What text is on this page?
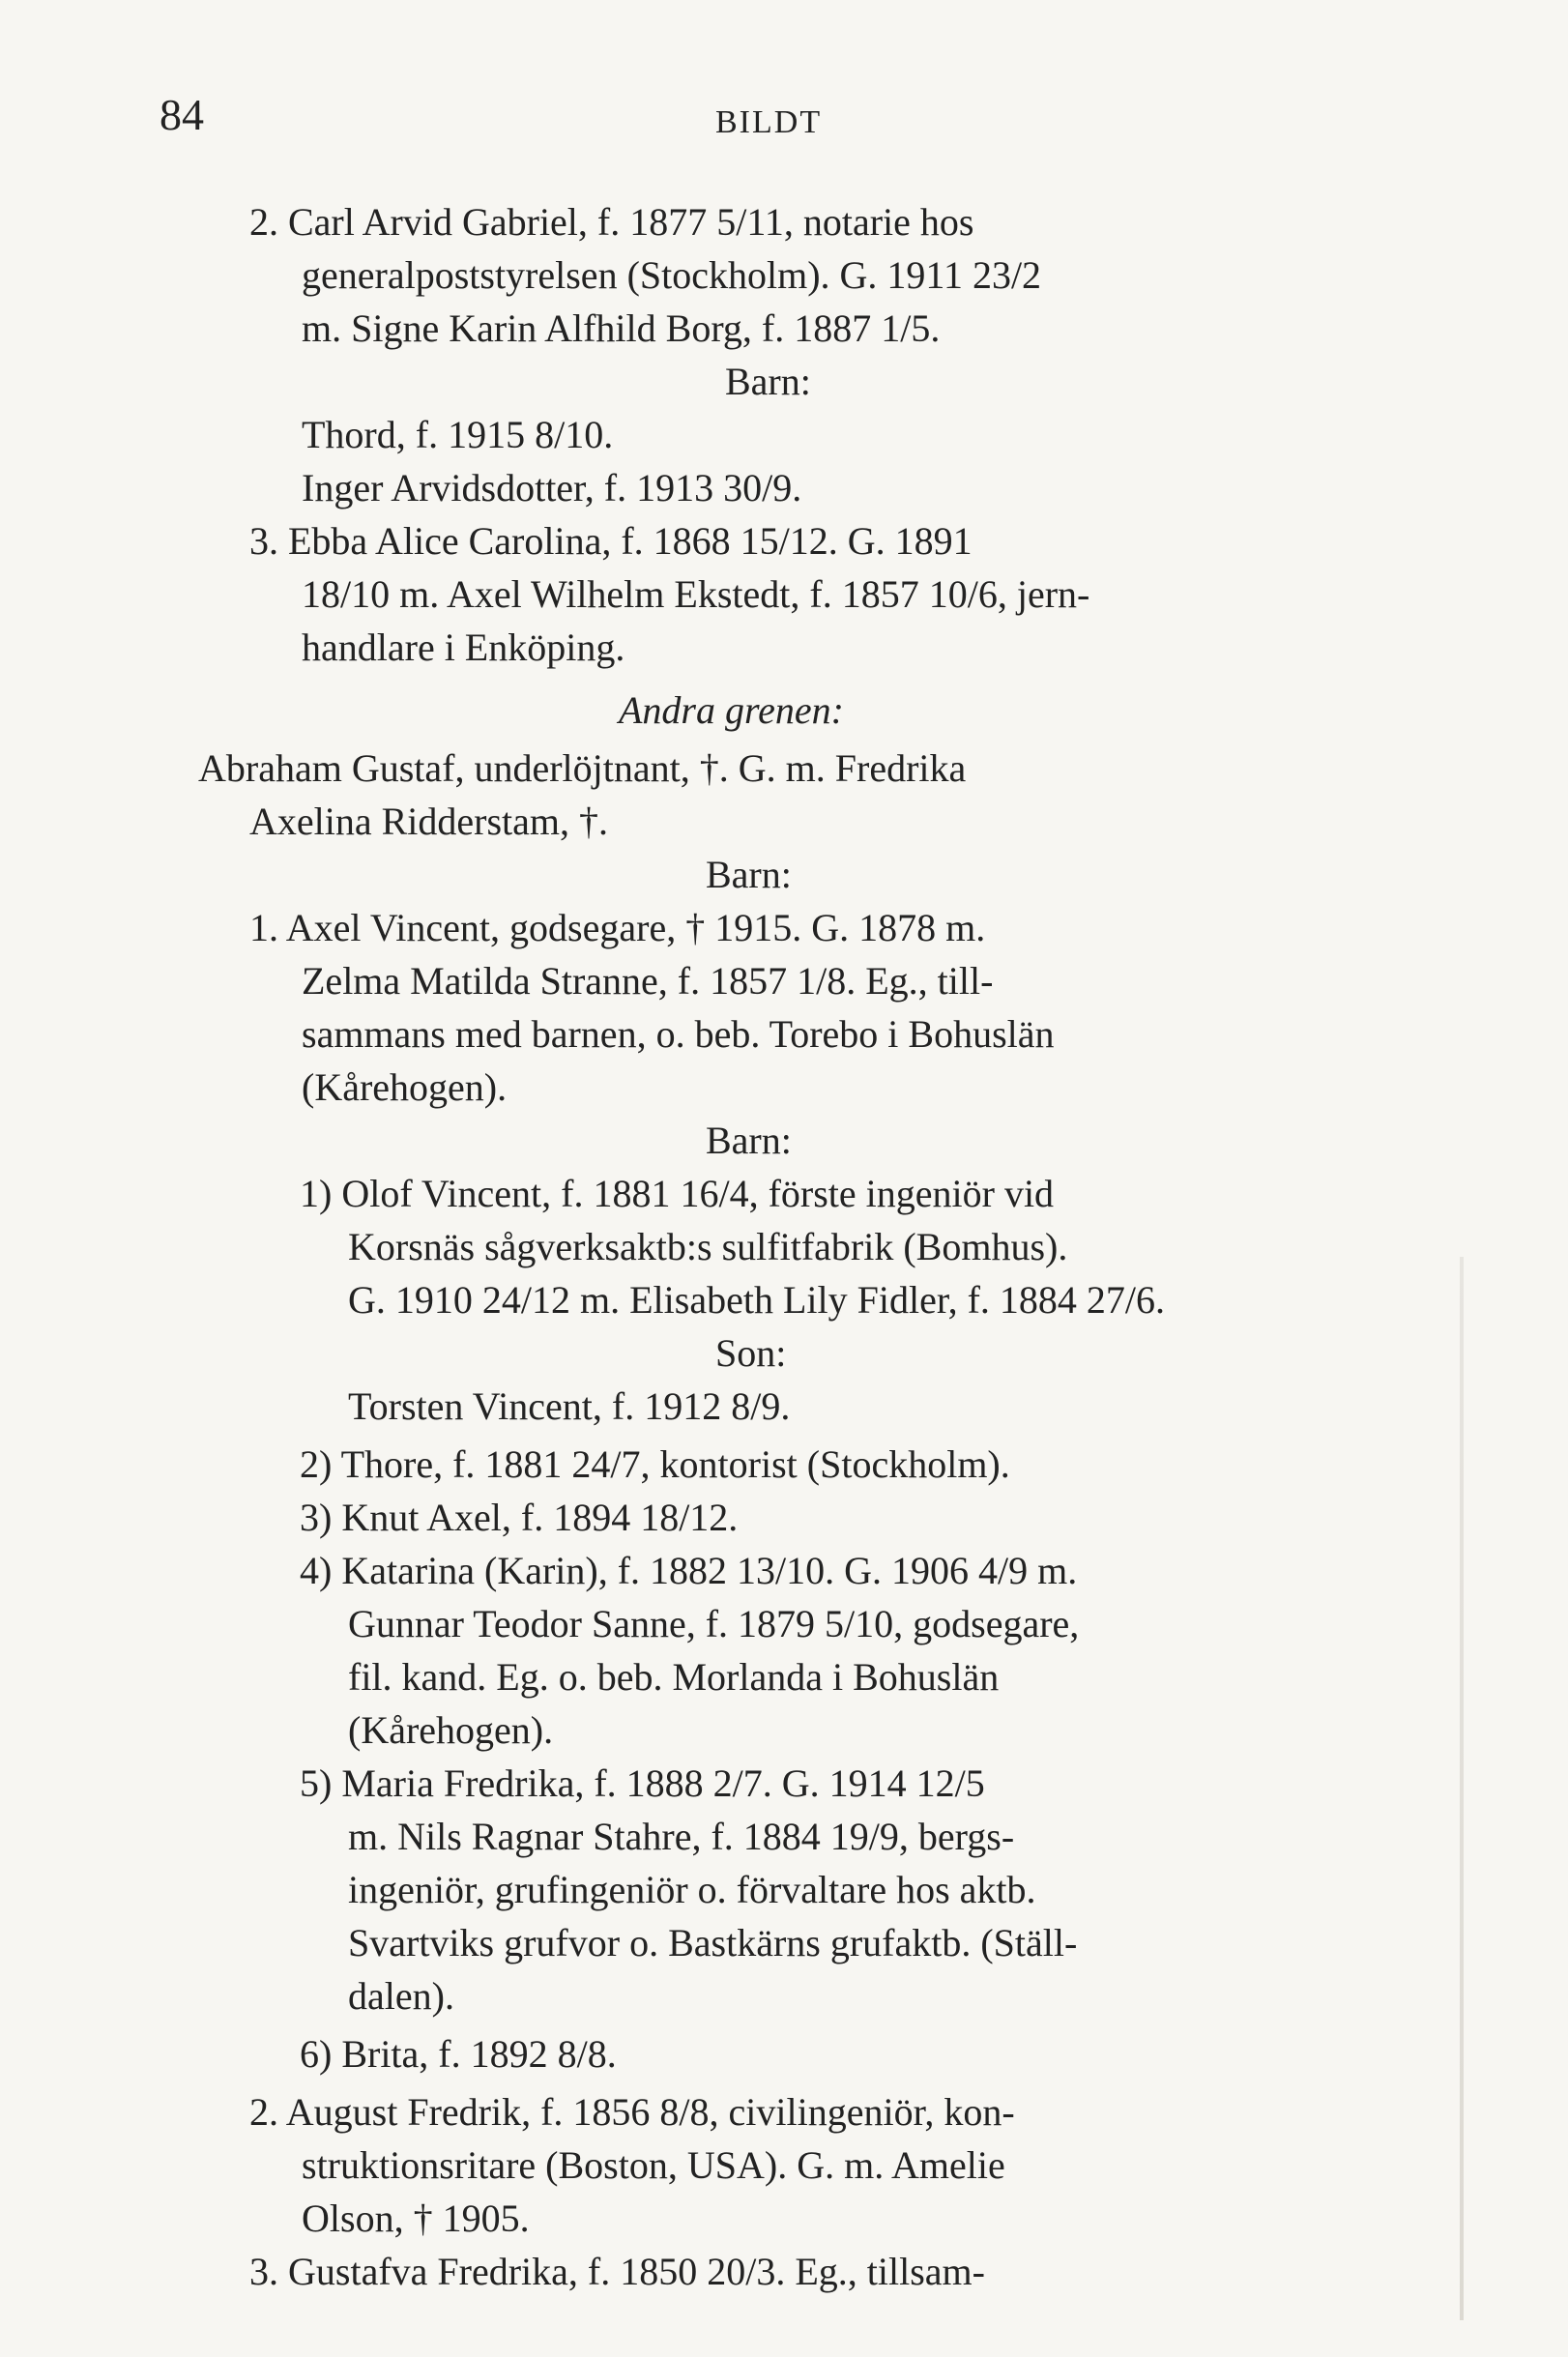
84	BILDT
2. Carl Arvid Gabriel, f. 1877 5/11, notarie hos
generalpoststyrelsen (Stockholm). G. 1911 23/2
m. Signe Karin Alfhild Borg, f. 1887 1/5.
Barn:
Thord, f. 1915 8/10.
Inger Arvidsdotter, f. 1913 30/9.
3. Ebba Alice Carolina, f. 1868 15/12. G. 1891
18/10 m. Axel Wilhelm Ekstedt, f. 1857 10/6, jern-
handlare i Enköping.
Andra grenen:
Abraham Gustaf, underlöjtnant, †. G. m. Fredrika
Axelina Ridderstam, †.
Barn:
1. Axel Vincent, godsegare, † 1915. G. 1878 m.
Zelma Matilda Stranne, f. 1857 1/8. Eg., till-
sammans med barnen, o. beb. Torebo i Bohuslän
(Kårehogen).
Barn:
1) Olof Vincent, f. 1881 16/4, förste ingeniör vid
Korsnäs sågverksaktb:s sulfitfabrik (Bomhus).
G. 1910 24/12 m. Elisabeth Lily Fidler, f. 1884 27/6.
Son:
Torsten Vincent, f. 1912 8/9.
2) Thore, f. 1881 24/7, kontorist (Stockholm).
3) Knut Axel, f. 1894 18/12.
4) Katarina (Karin), f. 1882 13/10. G. 1906 4/9 m.
Gunnar Teodor Sanne, f. 1879 5/10, godsegare,
fil. kand. Eg. o. beb. Morlanda i Bohuslän
(Kårehogen).
5) Maria Fredrika, f. 1888 2/7. G. 1914 12/5
m. Nils Ragnar Stahre, f. 1884 19/9, bergs-
ingeniör, grufingeniör o. förvaltare hos aktb.
Svartviks grufvor o. Bastkärns grufaktb. (Ställ-
dalen).
6) Brita, f. 1892 8/8.
2. August Fredrik, f. 1856 8/8, civilingeniör, kon-
struktionsritare (Boston, USA). G. m. Amelie
Olson, † 1905.
3. Gustafva Fredrika, f. 1850 20/3. Eg., tillsam-
